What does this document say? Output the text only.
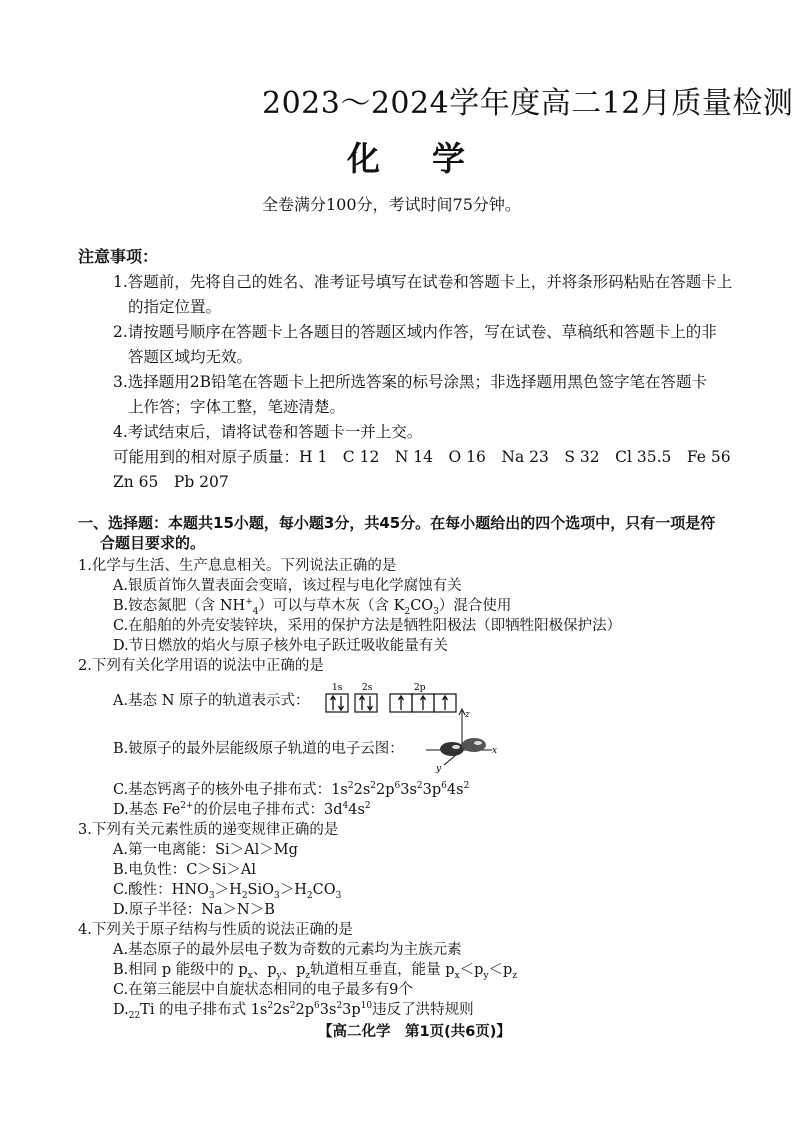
2023～2024学年度高二12月质量检测
化学
全卷满分100分，考试时间75分钟。
注意事项：
1.答题前，先将自己的姓名、准考证号填写在试卷和答题卡上，并将条形码粘贴在答题卡上
的指定位置。
2.请按题号顺序在答题卡上各题目的答题区域内作答，写在试卷、草稿纸和答题卡上的非
答题区域均无效。
3.选择题用2B铅笔在答题卡上把所选答案的标号涂黑；非选择题用黑色签字笔在答题卡
上作答；字体工整，笔迹清楚。
4.考试结束后，请将试卷和答题卡一并上交。
可能用到的相对原子质量：H 1　C 12　N 14　O 16　Na 23　S 32　Cl 35.5　Fe 56
Zn 65　Pb 207
一、选择题：本题共15小题，每小题3分，共45分。在每小题给出的四个选项中，只有一项是符
合题目要求的。
1.化学与生活、生产息息相关。下列说法正确的是
A.银质首饰久置表面会变暗，该过程与电化学腐蚀有关
B.铵态氮肥（含 $NH^+_4$）可以与草木灰（含 $K_2CO_3$）混合使用
C.在船舶的外壳安装锌块，采用的保护方法是牺牲阳极法（即牺牲阳极保护法）
D.节日燃放的焰火与原子核外电子跃迁吸收能量有关
2.下列有关化学用语的说法中正确的是
A.基态 N 原子的轨道表示式：
1s 2s	2p
B.铍原子的最外层能级原子轨道的电子云图：
z
x
y
C.基态钙离子的核外电子排布式：$1s^22s^22p^63s^23p^64s^2$
D.基态 $Fe^{2+}$的价层电子排布式：$3d^44s^2$
3.下列有关元素性质的递变规律正确的是
A.第一电离能：Si＞Al＞Mg
B.电负性：C＞Si＞Al
C.酸性：$HNO_3>H_2SiO_3>H_2CO_3$
D.原子半径：Na＞N＞B
4.下列关于原子结构与性质的说法正确的是
A.基态原子的最外层电子数为奇数的元素均为主族元素
B.相同 p 能级中的 $p_x$、$p_y$、$p_z$轨道相互垂直，能量 $p_x<p_y<p_z$
C.在第三能层中自旋状态相同的电子最多有9个
$D._{22}Ti$ 的电子排布式 $1s^22s^22p^63s^23p^{10}$违反了洪特规则
【高二化学　第1页(共6页)】
